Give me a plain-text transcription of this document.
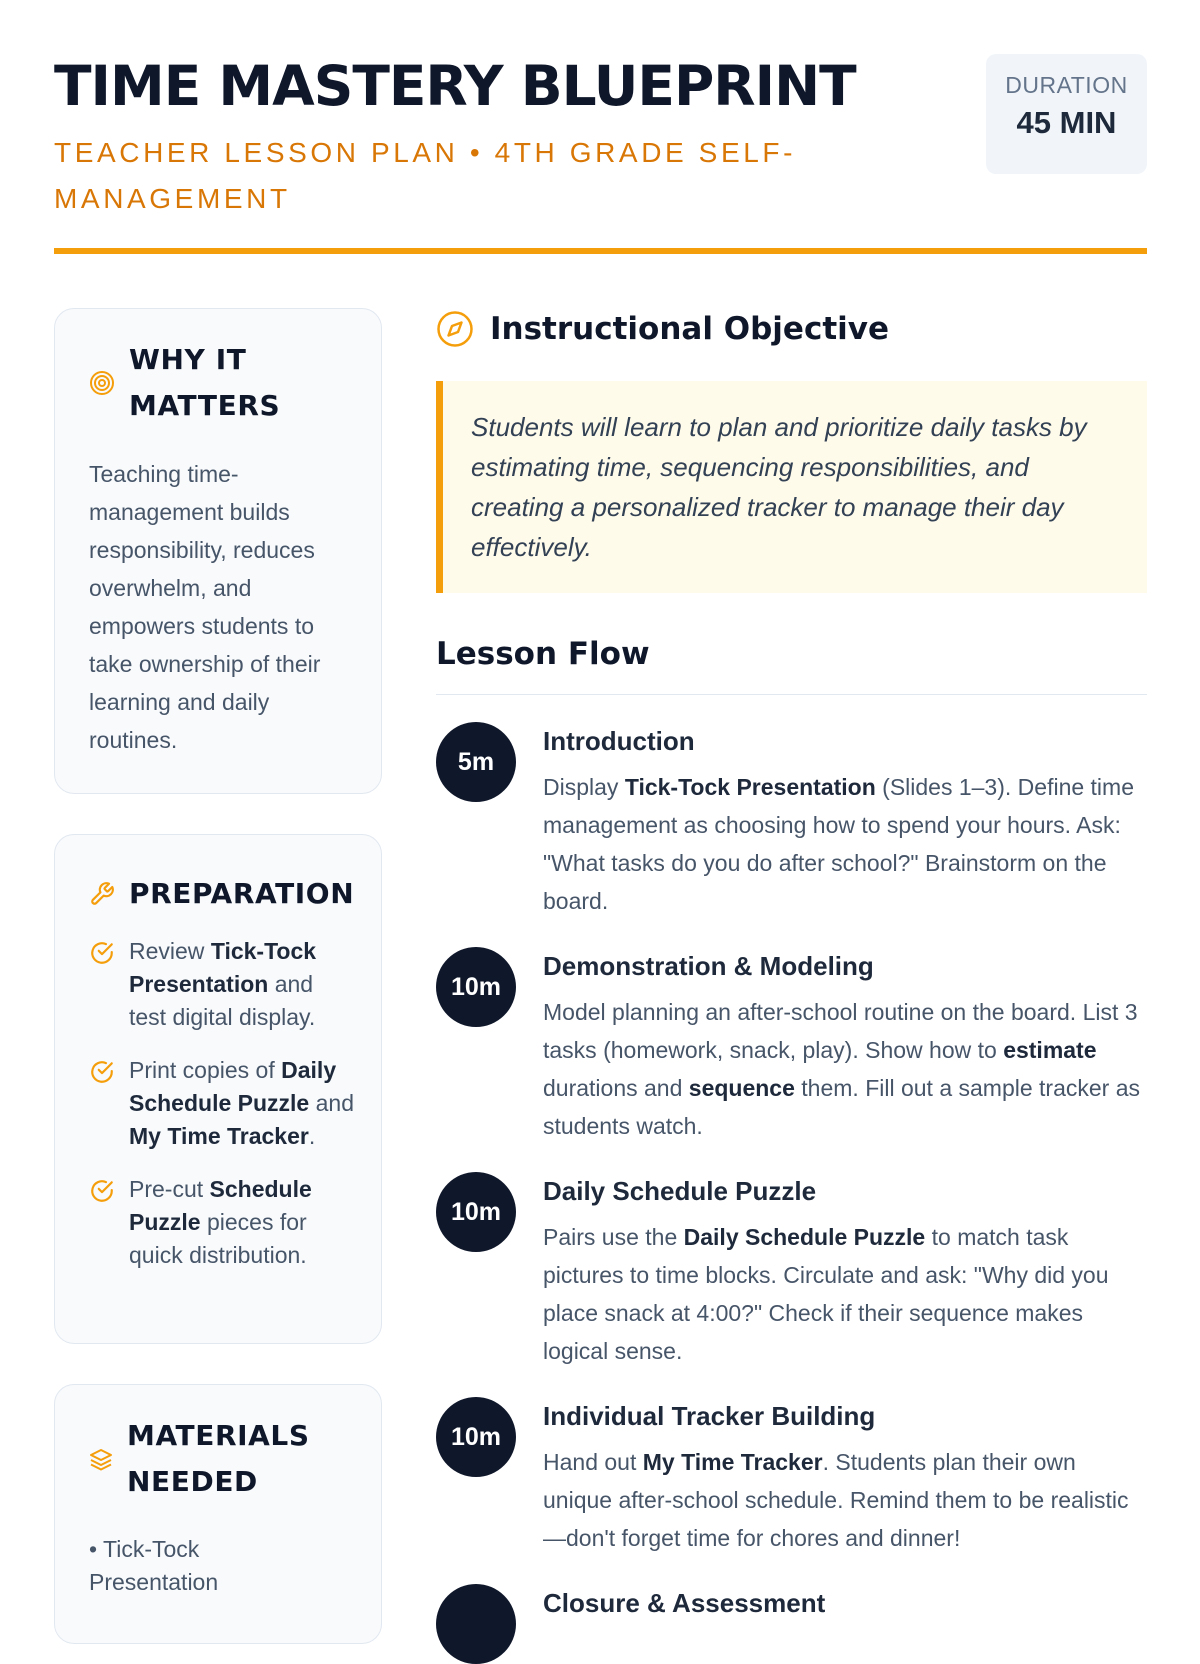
TIME MASTERY BLUEPRINT
TEACHER LESSON PLAN • 4TH GRADE SELF-MANAGEMENT
DURATION
45 MIN
WHY IT MATTERS
Teaching time-management builds responsibility, reduces overwhelm, and empowers students to take ownership of their learning and daily routines.
PREPARATION
Review Tick-Tock Presentation and test digital display.
Print copies of Daily Schedule Puzzle and My Time Tracker.
Pre-cut Schedule Puzzle pieces for quick distribution.
MATERIALS NEEDED
• Tick-Tock Presentation
Instructional Objective
Students will learn to plan and prioritize daily tasks by estimating time, sequencing responsibilities, and creating a personalized tracker to manage their day effectively.
Lesson Flow
5m
Introduction
Display Tick-Tock Presentation (Slides 1–3). Define time management as choosing how to spend your hours. Ask: "What tasks do you do after school?" Brainstorm on the board.
10m
Demonstration & Modeling
Model planning an after-school routine on the board. List 3 tasks (homework, snack, play). Show how to estimate durations and sequence them. Fill out a sample tracker as students watch.
10m
Daily Schedule Puzzle
Pairs use the Daily Schedule Puzzle to match task pictures to time blocks. Circulate and ask: "Why did you place snack at 4:00?" Check if their sequence makes logical sense.
10m
Individual Tracker Building
Hand out My Time Tracker. Students plan their own unique after-school schedule. Remind them to be realistic—don't forget time for chores and dinner!
Closure & Assessment
